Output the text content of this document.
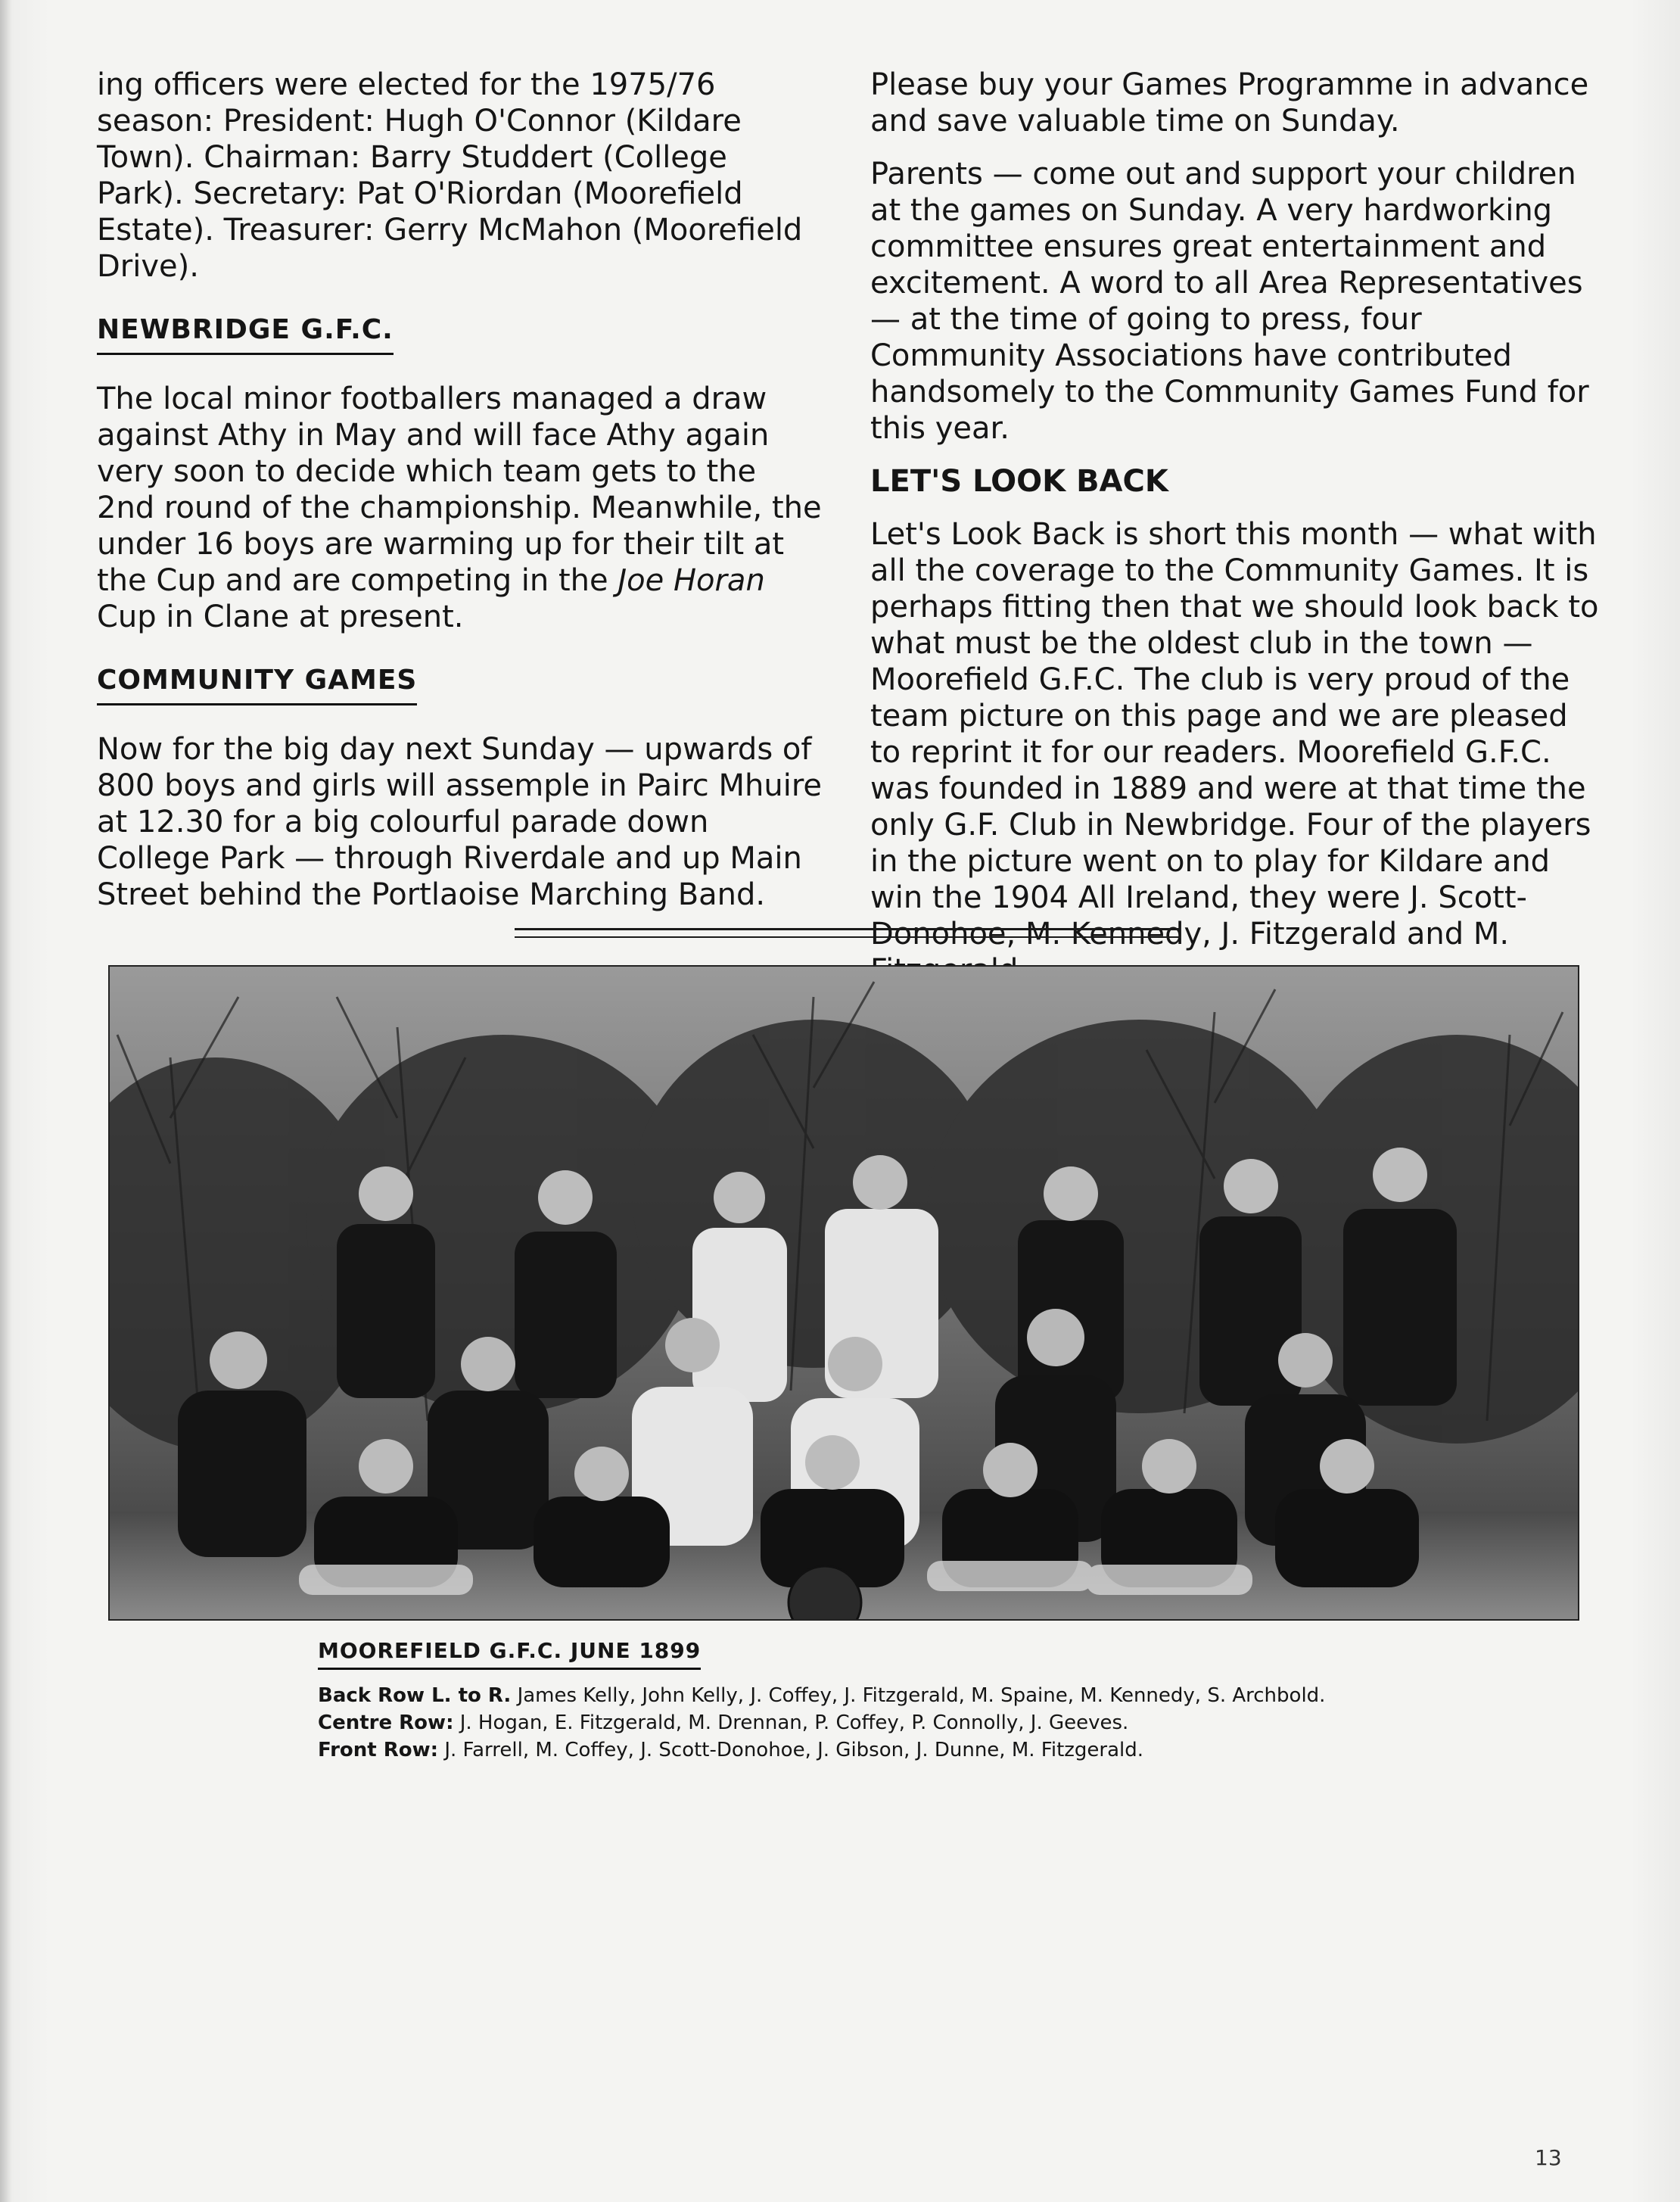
ing officers were elected for the 1975/76 season: President: Hugh O'Connor (Kildare Town). Chairman: Barry Studdert (College Park). Secretary: Pat O'Riordan (Moorefield Estate). Treasurer: Gerry McMahon (Moorefield Drive).

NEWBRIDGE G.F.C.

The local minor footballers managed a draw against Athy in May and will face Athy again very soon to decide which team gets to the 2nd round of the championship. Meanwhile, the under 16 boys are warming up for their tilt at the Cup and are competing in the Joe Horan Cup in Clane at present.

COMMUNITY GAMES

Now for the big day next Sunday — upwards of 800 boys and girls will assemple in Pairc Mhuire at 12.30 for a big colourful parade down College Park — through Riverdale and up Main Street behind the Portlaoise Marching Band.

Please buy your Games Programme in advance and save valuable time on Sunday.

Parents — come out and support your children at the games on Sunday. A very hardworking committee ensures great entertainment and excitement. A word to all Area Representatives — at the time of going to press, four Community Associations have contributed handsomely to the Community Games Fund for this year.

LET'S LOOK BACK

Let's Look Back is short this month — what with all the coverage to the Community Games. It is perhaps fitting then that we should look back to what must be the oldest club in the town — Moorefield G.F.C. The club is very proud of the team picture on this page and we are pleased to reprint it for our readers. Moorefield G.F.C. was founded in 1889 and were at that time the only G.F. Club in Newbridge. Four of the players in the picture went on to play for Kildare and win the 1904 All Ireland, they were J. Scott-Donohoe, M. Kennedy, J. Fitzgerald and M.

MOOREFIELD G.F.C. JUNE 1899
Back Row L. to R. James Kelly, John Kelly, J. Coffey, J. Fitzgerald, M. Spaine, M. Kennedy, S. Archbold.
Centre Row: J. Hogan, E. Fitzgerald, M. Drennan, P. Coffey, P. Connolly, J. Geeves.
Front Row: J. Farrell, M. Coffey, J. Scott-Donohoe, J. Gibson, J. Dunne, M. Fitzgerald.
13
